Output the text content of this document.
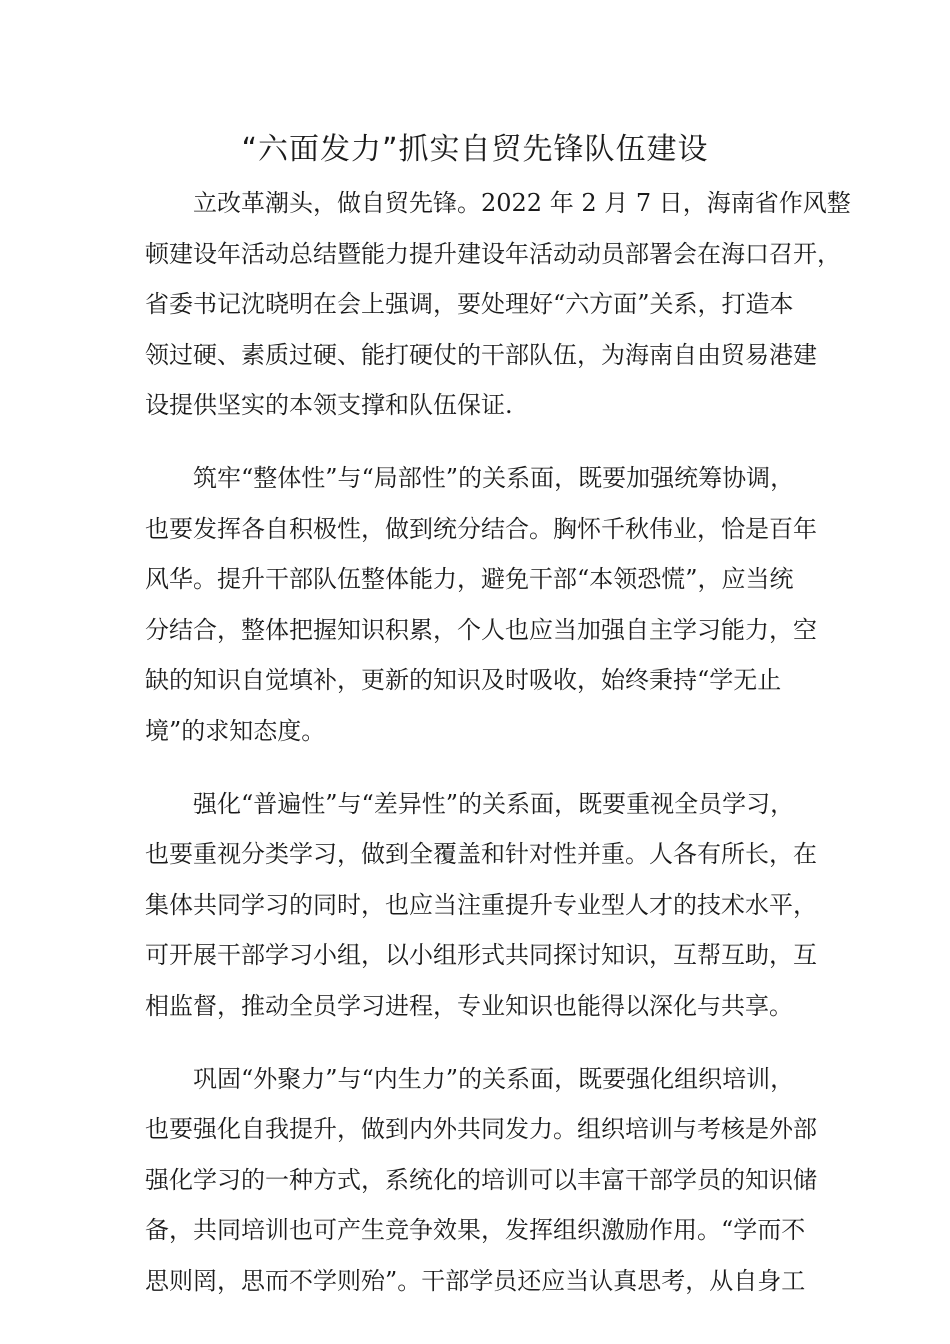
“六面发力”抓实自贸先锋队伍建设
立改革潮头，做自贸先锋。2022 年 2 月 7 日，海南省作风整
顿建设年活动总结暨能力提升建设年活动动员部署会在海口召开，
省委书记沈晓明在会上强调，要处理好“六方面”关系，打造本
领过硬、素质过硬、能打硬仗的干部队伍，为海南自由贸易港建
设提供坚实的本领支撑和队伍保证.
筑牢“整体性”与“局部性”的关系面，既要加强统筹协调，
也要发挥各自积极性，做到统分结合。胸怀千秋伟业，恰是百年
风华。提升干部队伍整体能力，避免干部“本领恐慌”，应当统
分结合，整体把握知识积累，个人也应当加强自主学习能力，空
缺的知识自觉填补，更新的知识及时吸收，始终秉持“学无止
境”的求知态度。
强化“普遍性”与“差异性”的关系面，既要重视全员学习，
也要重视分类学习，做到全覆盖和针对性并重。人各有所长，在
集体共同学习的同时，也应当注重提升专业型人才的技术水平，
可开展干部学习小组，以小组形式共同探讨知识，互帮互助，互
相监督，推动全员学习进程，专业知识也能得以深化与共享。
巩固“外聚力”与“内生力”的关系面，既要强化组织培训，
也要强化自我提升，做到内外共同发力。组织培训与考核是外部
强化学习的一种方式，系统化的培训可以丰富干部学员的知识储
备，共同培训也可产生竞争效果，发挥组织激励作用。“学而不
思则罔，思而不学则殆”。干部学员还应当认真思考，从自身工
